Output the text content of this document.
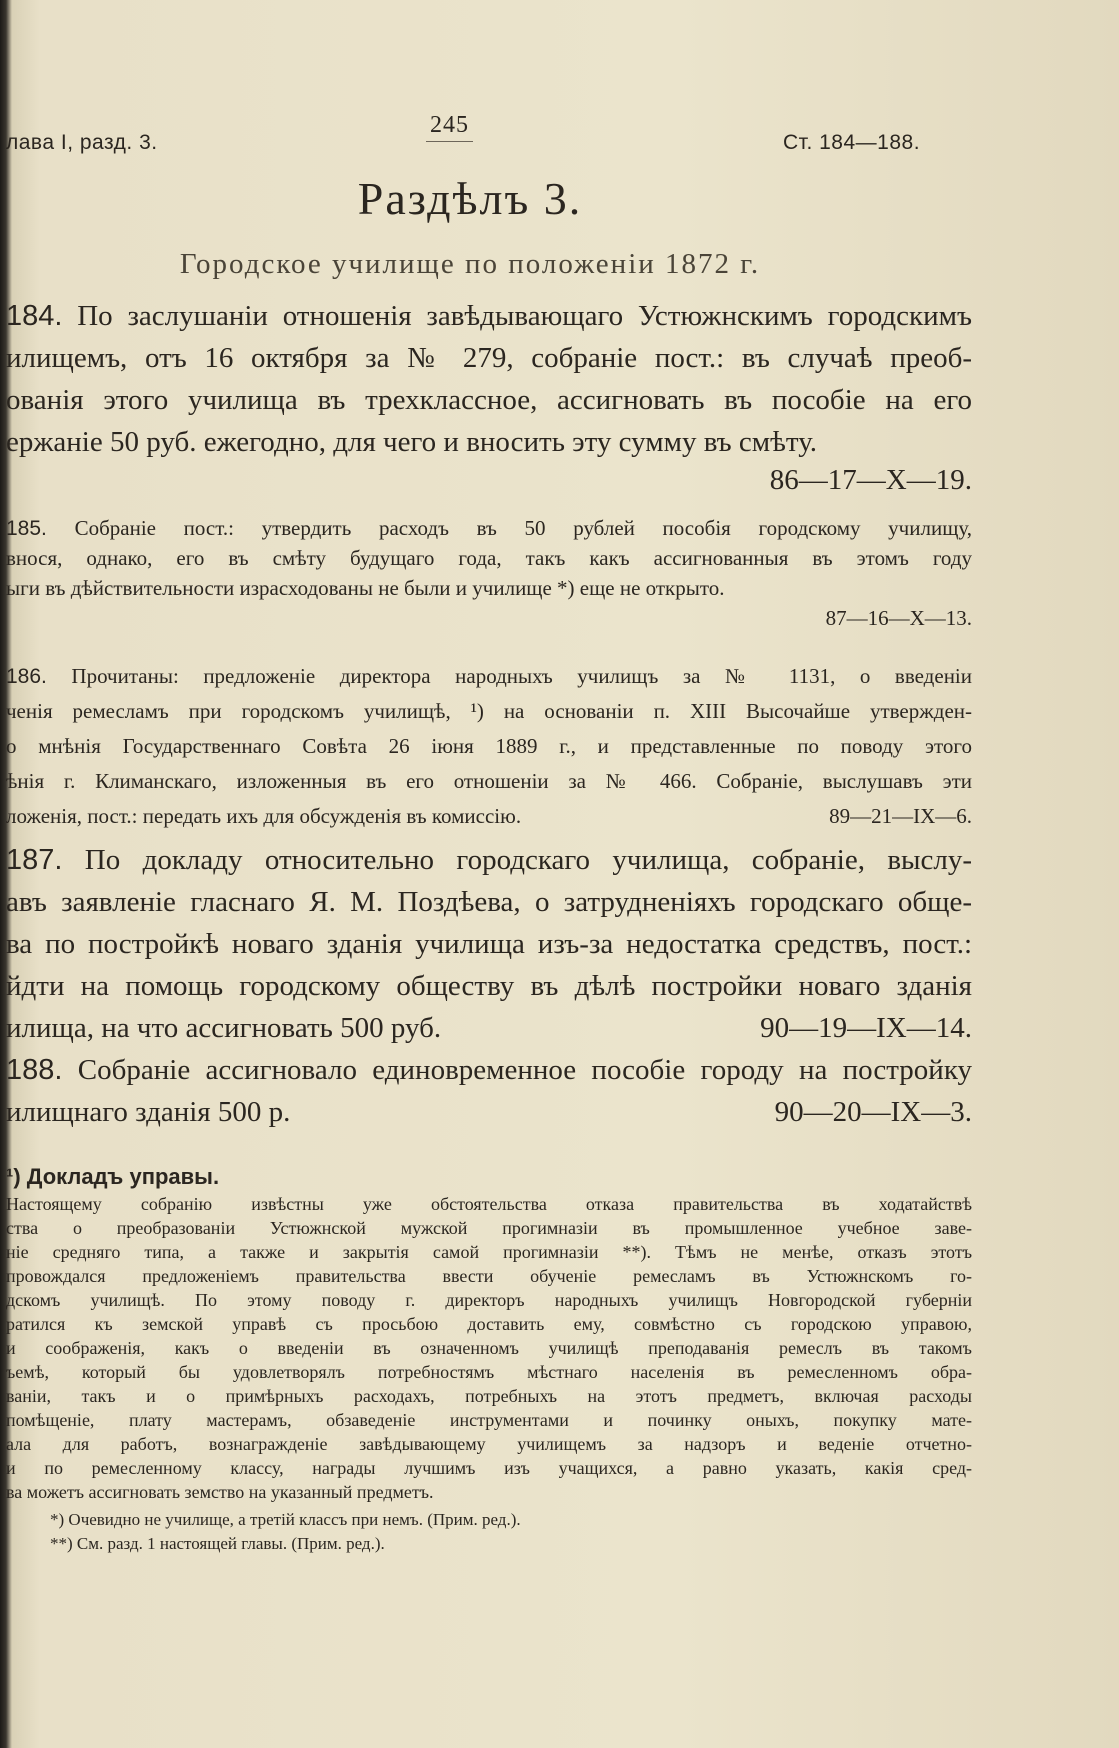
лава I, разд. 3.
245
Ст. 184—188.
Раздѣлъ 3.
Городское училище по положенiи 1872 г.
184. По заслушанiи отношенiя завѣдывающаго Устюжнскимъ городскимъ
илищемъ, отъ 16 октября за № 279, собранiе пост.: въ случаѣ преоб-
ованiя этого училища въ трехклассное, ассигновать въ пособiе на его
ержанiе 50 руб. ежегодно, для чего и вносить эту сумму въ смѣту.
86—17—X—19.
185. Собранiе пост.: утвердить расходъ въ 50 рублей пособiя городскому училищу,
внося, однако, его въ смѣту будущаго года, такъ какъ ассигнованныя въ этомъ году
ыги въ дѣйствительности израсходованы не были и училище *) еще не открыто.
87—16—X—13.
186. Прочитаны: предложенiе директора народныхъ училищъ за № 1131, о введенiи
ченiя ремесламъ при городскомъ училищѣ, ¹) на основанiи п. XIII Высочайше утвержден-
о мнѣнiя Государственнаго Совѣта 26 iюня 1889 г., и представленные по поводу этого
ѣнiя г. Климанскаго, изложенныя въ его отношенiи за № 466. Собранiе, выслушавъ эти
ложенiя, пост.: передать ихъ для обсужденiя въ комиссiю.	89—21—IX—6.
187. По докладу относительно городскаго училища, собранiе, выслу-
авъ заявленiе гласнаго Я. М. Поздѣева, о затрудненiяхъ городскаго обще-
ва по постройкѣ новаго зданiя училища изъ-за недостатка средствъ, пост.:
йдти на помощь городскому обществу въ дѣлѣ постройки новаго зданiя
илища, на что ассигновать 500 руб.	90—19—IX—14.
188. Собранiе ассигновало единовременное пособiе городу на постройку
илищнаго зданiя 500 р.	90—20—IX—3.
¹) Докладъ управы.
Настоящему собранiю извѣстны уже обстоятельства отказа правительства въ ходатайствѣ
ства о преобразованiи Устюжнской мужской прогимназiи въ промышленное учебное заве-
нiе средняго типа, а также и закрытiя самой прогимназiи **). Тѣмъ не менѣе, отказъ этотъ
провождался предложенiемъ правительства ввести обученiе ремесламъ въ Устюжнскомъ го-
дскомъ училищѣ. По этому поводу г. директоръ народныхъ училищъ Новгородской губернiи
ратился къ земской управѣ съ просьбою доставить ему, совмѣстно съ городскою управою,
и соображенiя, какъ о введенiи въ означенномъ училищѣ преподаванiя ремеслъ въ такомъ
ъемѣ, который бы удовлетворялъ потребностямъ мѣстнаго населенiя въ ремесленномъ обра-
ванiи, такъ и о примѣрныхъ расходахъ, потребныхъ на этотъ предметъ, включая расходы
помѣщенiе, плату мастерамъ, обзаведенiе инструментами и починку оныхъ, покупку мате-
ала для работъ, вознагражденiе завѣдывающему училищемъ за надзоръ и веденiе отчетно-
и по ремесленному классу, награды лучшимъ изъ учащихся, а равно указать, какiя сред-
ва можетъ ассигновать земство на указанный предметъ.
*) Очевидно не училище, а третiй классъ при немъ. (Прим. ред.).
**) См. разд. 1 настоящей главы. (Прим. ред.).
